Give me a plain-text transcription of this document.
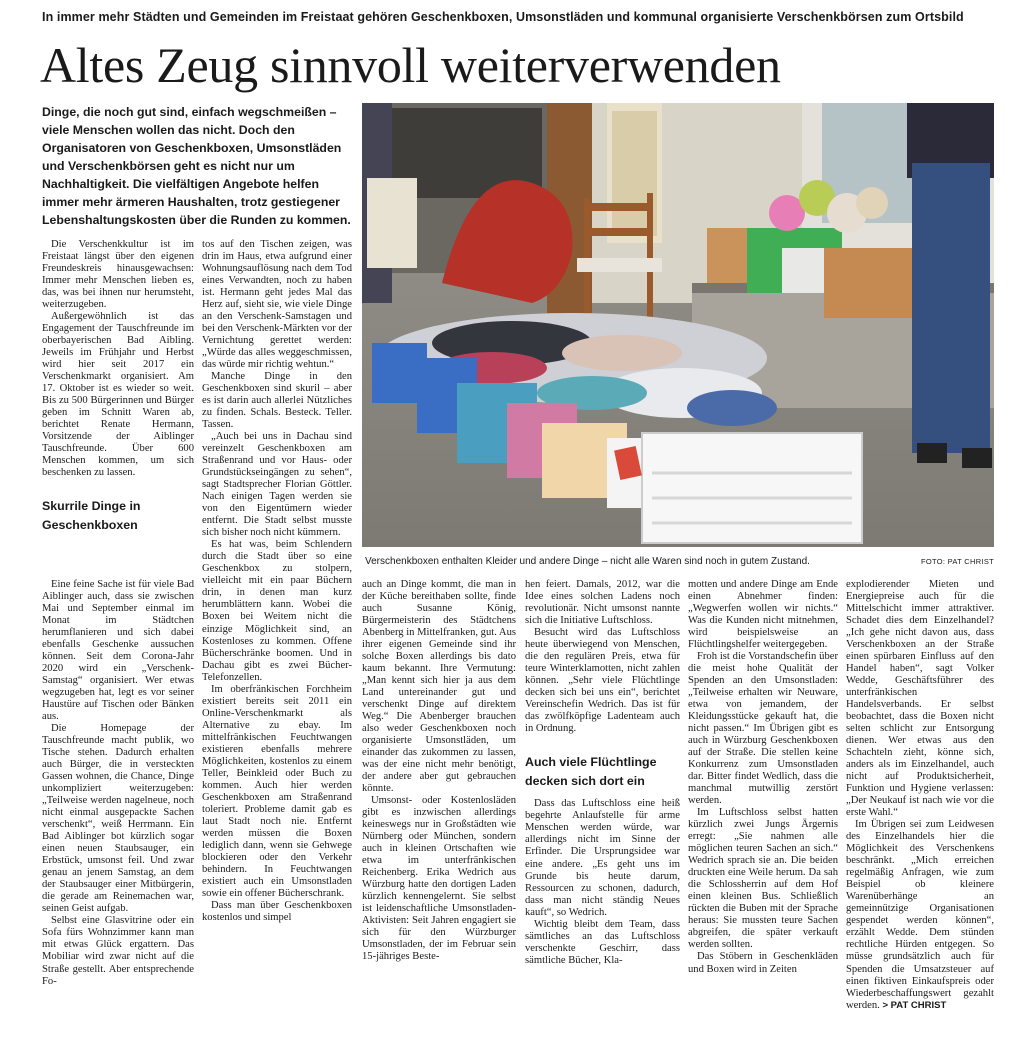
In immer mehr Städten und Gemeinden im Freistaat gehören Geschenkboxen, Umsonstläden und kommunal organisierte Verschenkbörsen zum Ortsbild
Altes Zeug sinnvoll weiterverwenden

Dinge, die noch gut sind, einfach wegschmeißen – viele Menschen wollen das nicht. Doch den Organisatoren von Geschenkboxen, Umsonstläden und Verschenkbörsen geht es nicht nur um Nachhaltigkeit. Die vielfältigen Angebote helfen immer mehr ärmeren Haushalten, trotz gestiegener Lebenshaltungskosten über die Runden zu kommen.

Verschenkboxen enthalten Kleider und andere Dinge – nicht alle Waren sind noch in gutem Zustand.	FOTO: PAT CHRIST

Die Verschenkkultur ist im Freistaat längst über den eigenen Freundeskreis hinausgewachsen: Immer mehr Menschen lieben es, das, was bei ihnen nur herumsteht, weiterzugeben.

Außergewöhnlich ist das Engagement der Tauschfreunde im oberbayerischen Bad Aibling. Jeweils im Frühjahr und Herbst wird hier seit 2017 ein Verschenkmarkt organisiert. Am 17. Oktober ist es wieder so weit. Bis zu 500 Bürgerinnen und Bürger geben im Schnitt Waren ab, berichtet Renate Hermann, Vorsitzende der Aiblinger Tauschfreunde. Über 600 Menschen kommen, um sich beschenken zu lassen.

Skurrile Dinge in Geschenkboxen

Eine feine Sache ist für viele Bad Aiblinger auch, dass sie zwischen Mai und September einmal im Monat im Städtchen herumflanieren und sich dabei ebenfalls Geschenke aussuchen können. Seit dem Corona-Jahr 2020 wird ein „Verschenk-Samstag“ organisiert. Wer etwas wegzugeben hat, legt es vor seiner Haustüre auf Tischen oder Bänken aus.

Die Homepage der Tauschfreunde macht publik, wo Tische stehen. Dadurch erhalten auch Bürger, die in versteckten Gassen wohnen, die Chance, Dinge unkompliziert weiterzugeben: „Teilweise werden nagelneue, noch nicht einmal ausgepackte Sachen verschenkt“, weiß Herrmann. Ein Bad Aiblinger bot kürzlich sogar einen neuen Staubsauger, ein Erbstück, umsonst feil. Und zwar genau an jenem Samstag, an dem der Staubsauger einer Mitbürgerin, die gerade am Reinemachen war, seinen Geist aufgab.

Selbst eine Glasvitrine oder ein Sofa fürs Wohnzimmer kann man mit etwas Glück ergattern. Das Mobiliar wird zwar nicht auf die Straße gestellt. Aber entsprechende Fo-

tos auf den Tischen zeigen, was drin im Haus, etwa aufgrund einer Wohnungsauflösung nach dem Tod eines Verwandten, noch zu haben ist. Hermann geht jedes Mal das Herz auf, sieht sie, wie viele Dinge an den Verschenk-Samstagen und bei den Verschenk-Märkten vor der Vernichtung gerettet werden: „Würde das alles weggeschmissen, das würde mir richtig wehtun.“

Manche Dinge in den Geschenkboxen sind skuril – aber es ist darin auch allerlei Nützliches zu finden. Schals. Besteck. Teller. Tassen.

„Auch bei uns in Dachau sind vereinzelt Geschenkboxen am Straßenrand und vor Haus- oder Grundstückseingängen zu sehen“, sagt Stadtsprecher Florian Göttler. Nach einigen Tagen werden sie von den Eigentümern wieder entfernt. Die Stadt selbst musste sich bisher noch nicht kümmern.

Es hat was, beim Schlendern durch die Stadt über so eine Geschenkbox zu stolpern, vielleicht mit ein paar Büchern drin, in denen man kurz herumblättern kann. Wobei die Boxen bei Weitem nicht die einzige Möglichkeit sind, an Kostenloses zu kommen. Offene Bücherschränke boomen. Und in Dachau gibt es zwei Bücher-Telefonzellen.

Im oberfränkischen Forchheim existiert bereits seit 2011 ein Online-Verschenkmarkt als Alternative zu ebay. Im mittelfränkischen Feuchtwangen existieren ebenfalls mehrere Möglichkeiten, kostenlos zu einem Teller, Beinkleid oder Buch zu kommen. Auch hier werden Geschenkboxen am Straßenrand toleriert. Probleme damit gab es laut Stadt noch nie. Entfernt werden müssen die Boxen lediglich dann, wenn sie Gehwege blockieren oder den Verkehr behindern. In Feuchtwangen existiert auch ein Umsonstladen sowie ein offener Bücherschrank.

Dass man über Geschenkboxen kostenlos und simpel

auch an Dinge kommt, die man in der Küche bereithaben sollte, finde auch Susanne König, Bürgermeisterin des Städtchens Abenberg in Mittelfranken, gut. Aus ihrer eigenen Gemeinde sind ihr solche Boxen allerdings bis dato kaum bekannt. Ihre Vermutung: „Man kennt sich hier ja aus dem Land untereinander gut und verschenkt Dinge auf direktem Weg.“ Die Abenberger brauchen also weder Geschenkboxen noch organisierte Umsonstläden, um einander das zukommen zu lassen, was der eine nicht mehr benötigt, der andere aber gut gebrauchen könnte.

Umsonst- oder Kostenlosläden gibt es inzwischen allerdings keineswegs nur in Großstädten wie Nürnberg oder München, sondern auch in kleinen Ortschaften wie etwa im unterfränkischen Reichenberg. Erika Wedrich aus Würzburg hatte den dortigen Laden kürzlich kennengelernt. Sie selbst ist leidenschaftliche Umsonstladen-Aktivisten: Seit Jahren engagiert sie sich für den Würzburger Umsonstladen, der im Februar sein 15-jähriges Beste-

hen feiert. Damals, 2012, war die Idee eines solchen Ladens noch revolutionär. Nicht umsonst nannte sich die Initiative Luftschloss.

Besucht wird das Luftschloss heute überwiegend von Menschen, die den regulären Preis, etwa für teure Winterklamotten, nicht zahlen können. „Sehr viele Flüchtlinge decken sich bei uns ein“, berichtet Vereinschefin Wedrich. Das ist für das zwölfköpfige Ladenteam auch in Ordnung.

Auch viele Flüchtlinge decken sich dort ein

Dass das Luftschloss eine heiß begehrte Anlaufstelle für arme Menschen werden würde, war allerdings nicht im Sinne der Erfinder. Die Ursprungsidee war eine andere. „Es geht uns im Grunde bis heute darum, Ressourcen zu schonen, dadurch, dass man nicht ständig Neues kauft“, so Wedrich.

Wichtig bleibt dem Team, dass sämtliches an das Luftschloss verschenkte Geschirr, dass sämtliche Bücher, Kla-

motten und andere Dinge am Ende einen Abnehmer finden: „Wegwerfen wollen wir nichts.“ Was die Kunden nicht mitnehmen, wird beispielsweise an Flüchtlingshelfer weitergegeben.

Froh ist die Vorstandschefin über die meist hohe Qualität der Spenden an den Umsonstladen: „Teilweise erhalten wir Neuware, etwa von jemandem, der Kleidungsstücke gekauft hat, die nicht passen.“ Im Übrigen gibt es auch in Würzburg Geschenkboxen auf der Straße. Die stellen keine Konkurrenz zum Umsonstladen dar. Bitter findet Wedlich, dass die manchmal mutwillig zerstört werden.

Im Luftschloss selbst hatten kürzlich zwei Jungs Ärgernis erregt: „Sie nahmen alle möglichen teuren Sachen an sich.“ Wedrich sprach sie an. Die beiden druckten eine Weile herum. Da sah die Schlossherrin auf dem Hof einen kleinen Bus. Schließlich rückten die Buben mit der Sprache heraus: Sie mussten teure Sachen abgreifen, die später verkauft werden sollten.

Das Stöbern in Geschenkläden und Boxen wird in Zeiten

explodierender Mieten und Energiepreise auch für die Mittelschicht immer attraktiver. Schadet dies dem Einzelhandel? „Ich gehe nicht davon aus, dass Verschenkboxen an der Straße einen spürbaren Einfluss auf den Handel haben“, sagt Volker Wedde, Geschäftsführer des unterfränkischen Handelsverbands. Er selbst beobachtet, dass die Boxen nicht selten schlicht zur Entsorgung dienen. Wer etwas aus den Schachteln zieht, könne sich, anders als im Einzelhandel, auch nicht auf Produktsicherheit, Funktion und Hygiene verlassen: „Der Neukauf ist nach wie vor die erste Wahl.“

Im Übrigen sei zum Leidwesen des Einzelhandels hier die Möglichkeit des Verschenkens beschränkt. „Mich erreichen regelmäßig Anfragen, wie zum Beispiel ob kleinere Warenüberhänge an gemeinnützige Organisationen gespendet werden können“, erzählt Wedde. Dem stünden rechtliche Hürden entgegen. So müsse grundsätzlich auch für Spenden die Umsatzsteuer auf einen fiktiven Einkaufspreis oder Wiederbeschaffungswert gezahlt werden. > PAT CHRIST
